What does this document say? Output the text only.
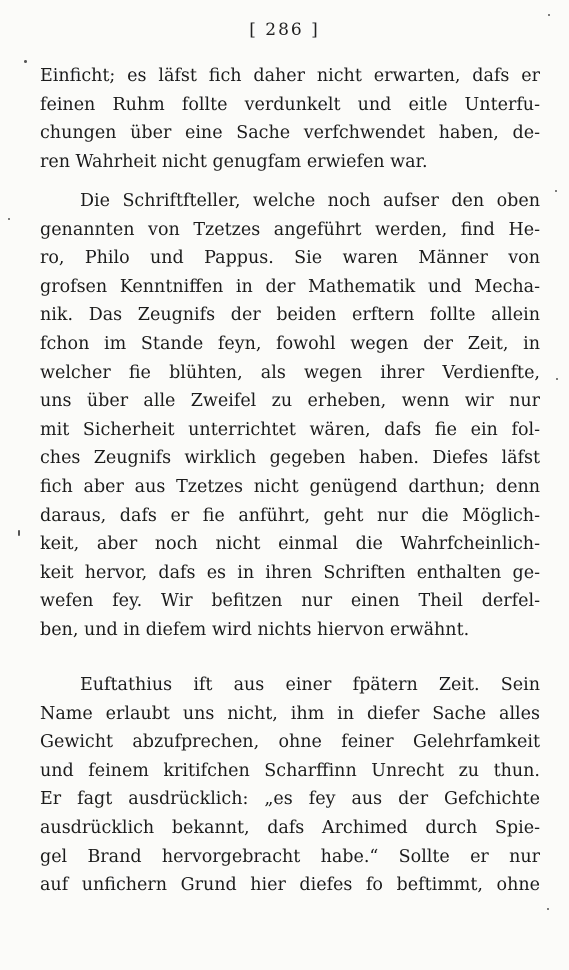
[ 286 ]
Einficht; es läfst fich daher nicht erwarten, dafs er
feinen Ruhm follte verdunkelt und eitle Unterfu-
chungen über eine Sache verfchwendet haben, de-
ren Wahrheit nicht genugfam erwiefen war.
Die Schriftfteller, welche noch aufser den oben
genannten von Tzetzes angeführt werden, find He-
ro, Philo und Pappus. Sie waren Männer von
grofsen Kenntniffen in der Mathematik und Mecha-
nik. Das Zeugnifs der beiden erftern follte allein
fchon im Stande feyn, fowohl wegen der Zeit, in
welcher fie blühten, als wegen ihrer Verdienfte,
uns über alle Zweifel zu erheben, wenn wir nur
mit Sicherheit unterrichtet wären, dafs fie ein fol-
ches Zeugnifs wirklich gegeben haben. Diefes läfst
fich aber aus Tzetzes nicht genügend darthun; denn
daraus, dafs er fie anführt, geht nur die Möglich-
keit, aber noch nicht einmal die Wahrfcheinlich-
keit hervor, dafs es in ihren Schriften enthalten ge-
wefen fey. Wir befitzen nur einen Theil derfel-
ben, und in diefem wird nichts hiervon erwähnt.
Euftathius ift aus einer fpätern Zeit. Sein
Name erlaubt uns nicht, ihm in diefer Sache alles
Gewicht abzufprechen, ohne feiner Gelehrfamkeit
und feinem kritifchen Scharffinn Unrecht zu thun.
Er fagt ausdrücklich: „es fey aus der Gefchichte
ausdrücklich bekannt, dafs Archimed durch Spie-
gel Brand hervorgebracht habe.“ Sollte er nur
auf unfichern Grund hier diefes fo beftimmt, ohne
